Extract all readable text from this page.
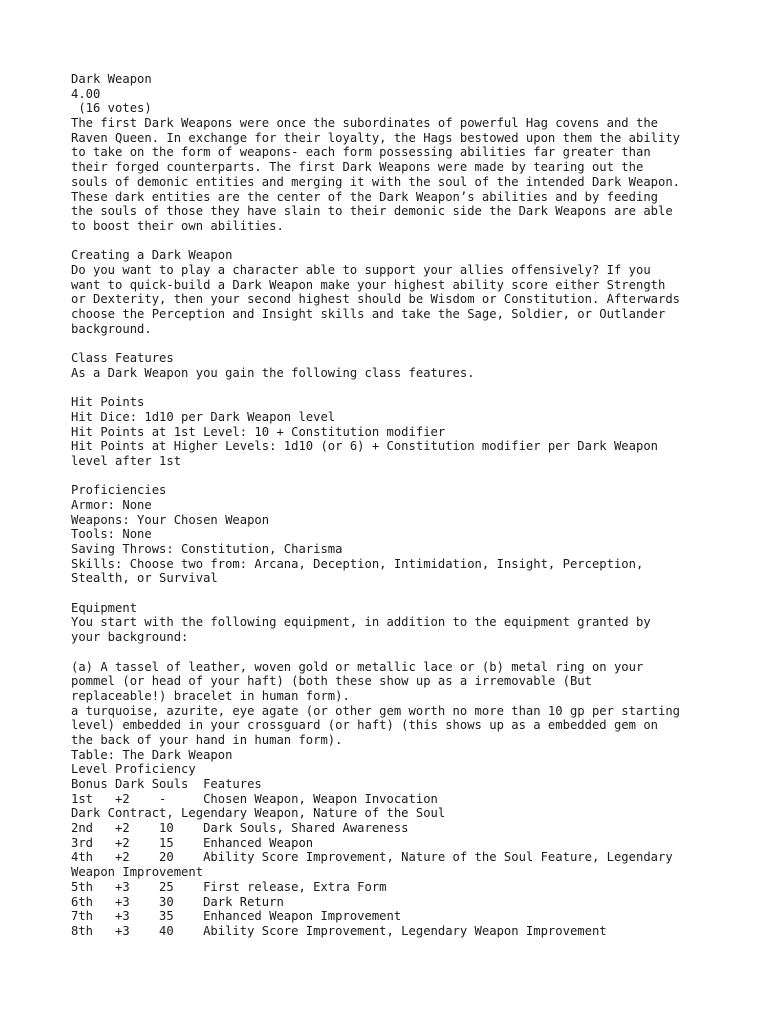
Dark Weapon
4.00
(16 votes)
The first Dark Weapons were once the subordinates of powerful Hag covens and the
Raven Queen. In exchange for their loyalty, the Hags bestowed upon them the ability
to take on the form of weapons- each form possessing abilities far greater than
their forged counterparts. The first Dark Weapons were made by tearing out the
souls of demonic entities and merging it with the soul of the intended Dark Weapon.
These dark entities are the center of the Dark Weapon’s abilities and by feeding
the souls of those they have slain to their demonic side the Dark Weapons are able
to boost their own abilities.
Creating a Dark Weapon
Do you want to play a character able to support your allies offensively? If you
want to quick-build a Dark Weapon make your highest ability score either Strength
or Dexterity, then your second highest should be Wisdom or Constitution. Afterwards
choose the Perception and Insight skills and take the Sage, Soldier, or Outlander
background.
Class Features
As a Dark Weapon you gain the following class features.
Hit Points
Hit Dice: 1d10 per Dark Weapon level
Hit Points at 1st Level: 10 + Constitution modifier
Hit Points at Higher Levels: 1d10 (or 6) + Constitution modifier per Dark Weapon
level after 1st
Proficiencies
Armor: None
Weapons: Your Chosen Weapon
Tools: None
Saving Throws: Constitution, Charisma
Skills: Choose two from: Arcana, Deception, Intimidation, Insight, Perception,
Stealth, or Survival
Equipment
You start with the following equipment, in addition to the equipment granted by
your background:
(a) A tassel of leather, woven gold or metallic lace or (b) metal ring on your
pommel (or head of your haft) (both these show up as a irremovable (But
replaceable!) bracelet in human form).
a turquoise, azurite, eye agate (or other gem worth no more than 10 gp per starting
level) embedded in your crossguard (or haft) (this shows up as a embedded gem on
the back of your hand in human form).
Table: The Dark Weapon
Level Proficiency
Bonus Dark Souls  Features
1st   +2    -     Chosen Weapon, Weapon Invocation
Dark Contract, Legendary Weapon, Nature of the Soul
2nd   +2    10    Dark Souls, Shared Awareness
3rd   +2    15    Enhanced Weapon
4th   +2    20    Ability Score Improvement, Nature of the Soul Feature, Legendary
Weapon Improvement
5th   +3    25    First release, Extra Form
6th   +3    30    Dark Return
7th   +3    35    Enhanced Weapon Improvement
8th   +3    40    Ability Score Improvement, Legendary Weapon Improvement
